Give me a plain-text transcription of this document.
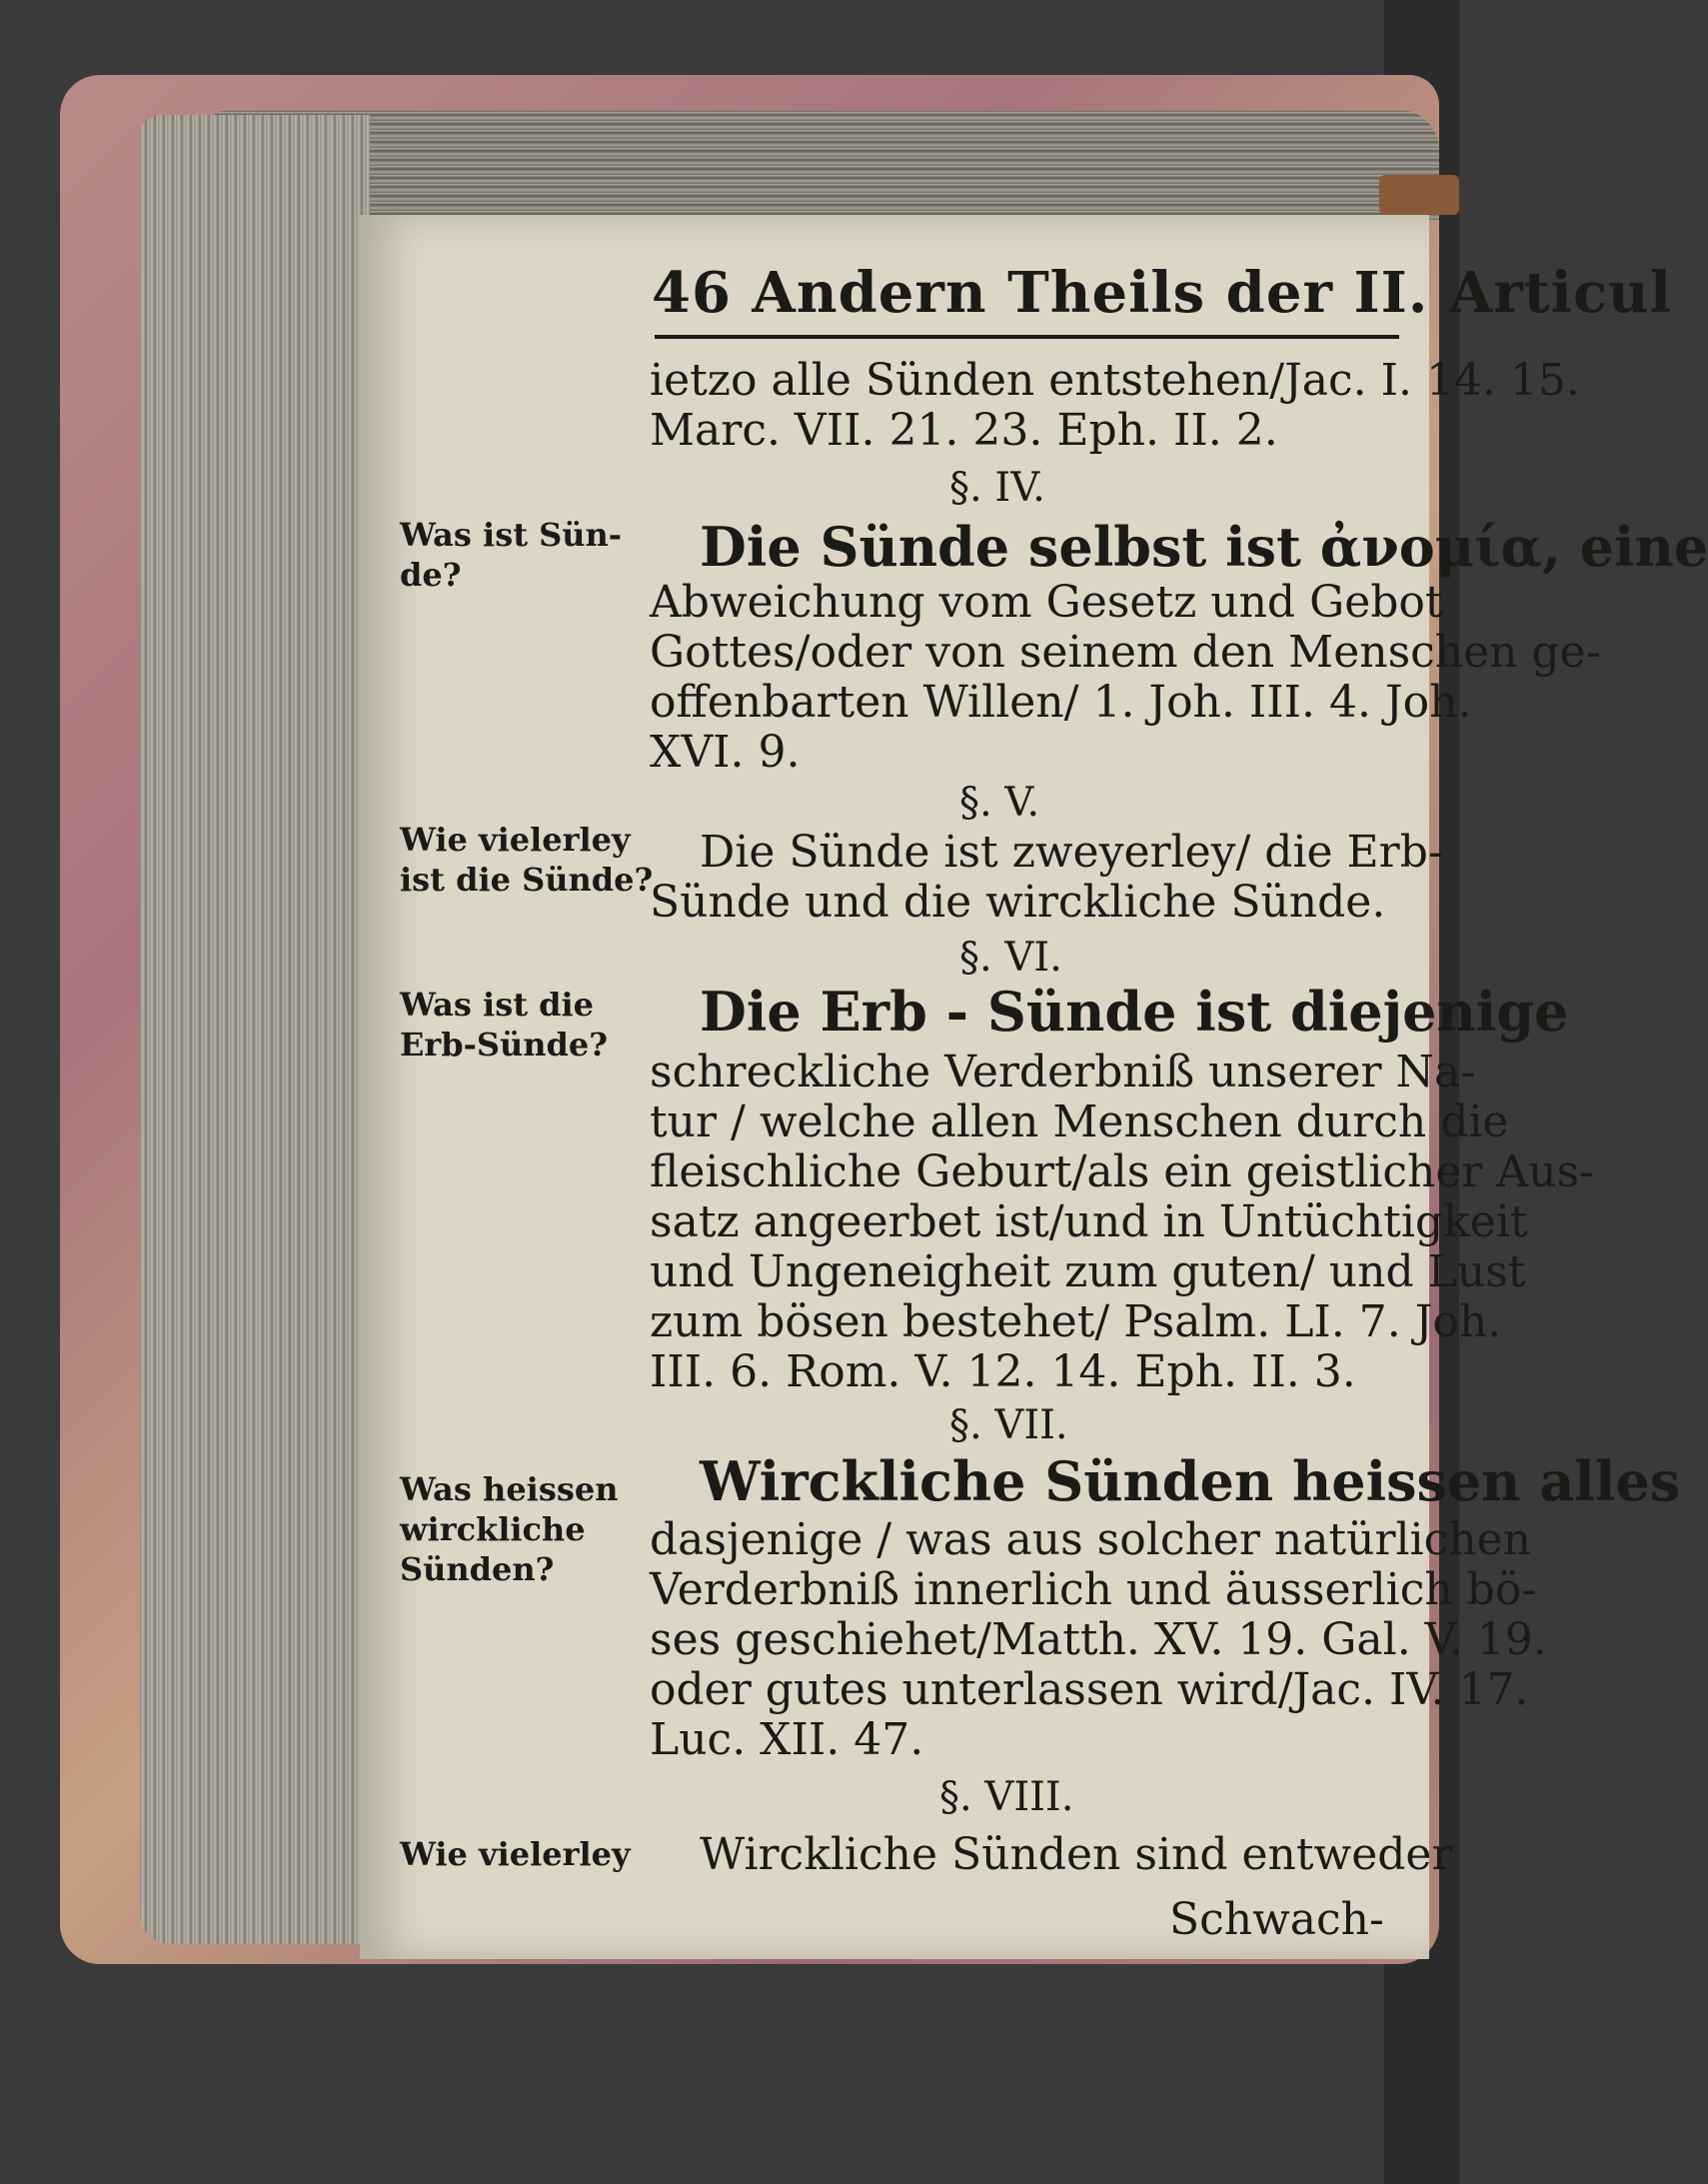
46 Andern Theils der II. Articul
ietzo alle Sünden entstehen/Jac. I. 14. 15.
Marc. VII. 21. 23. Eph. II. 2.
§. IV.
Die Sünde selbst ist ἀνομία, eine
Abweichung vom Gesetz und Gebot
Gottes/oder von seinem den Menschen ge-
offenbarten Willen/ 1. Joh. III. 4. Joh.
XVI. 9.
§. V.
Die Sünde ist zweyerley/ die Erb-
Sünde und die wirckliche Sünde.
§. VI.
Die Erb - Sünde ist diejenige
schreckliche Verderbniß unserer Na-
tur / welche allen Menschen durch die
fleischliche Geburt/als ein geistlicher Aus-
satz angeerbet ist/und in Untüchtigkeit
und Ungeneigheit zum guten/ und Lust
zum bösen bestehet/ Psalm. LI. 7. Joh.
III. 6. Rom. V. 12. 14. Eph. II. 3.
§. VII.
Wirckliche Sünden heissen alles
dasjenige / was aus solcher natürlichen
Verderbniß innerlich und äusserlich bö-
ses geschiehet/Matth. XV. 19. Gal. V. 19.
oder gutes unterlassen wird/Jac. IV. 17.
Luc. XII. 47.
§. VIII.
Wirckliche Sünden sind entweder
Was ist Sün-
de?
Wie vielerley
ist die Sünde?
Was ist die
Erb-Sünde?
Was heissen
wirckliche
Sünden?
Wie vielerley
Schwach-
